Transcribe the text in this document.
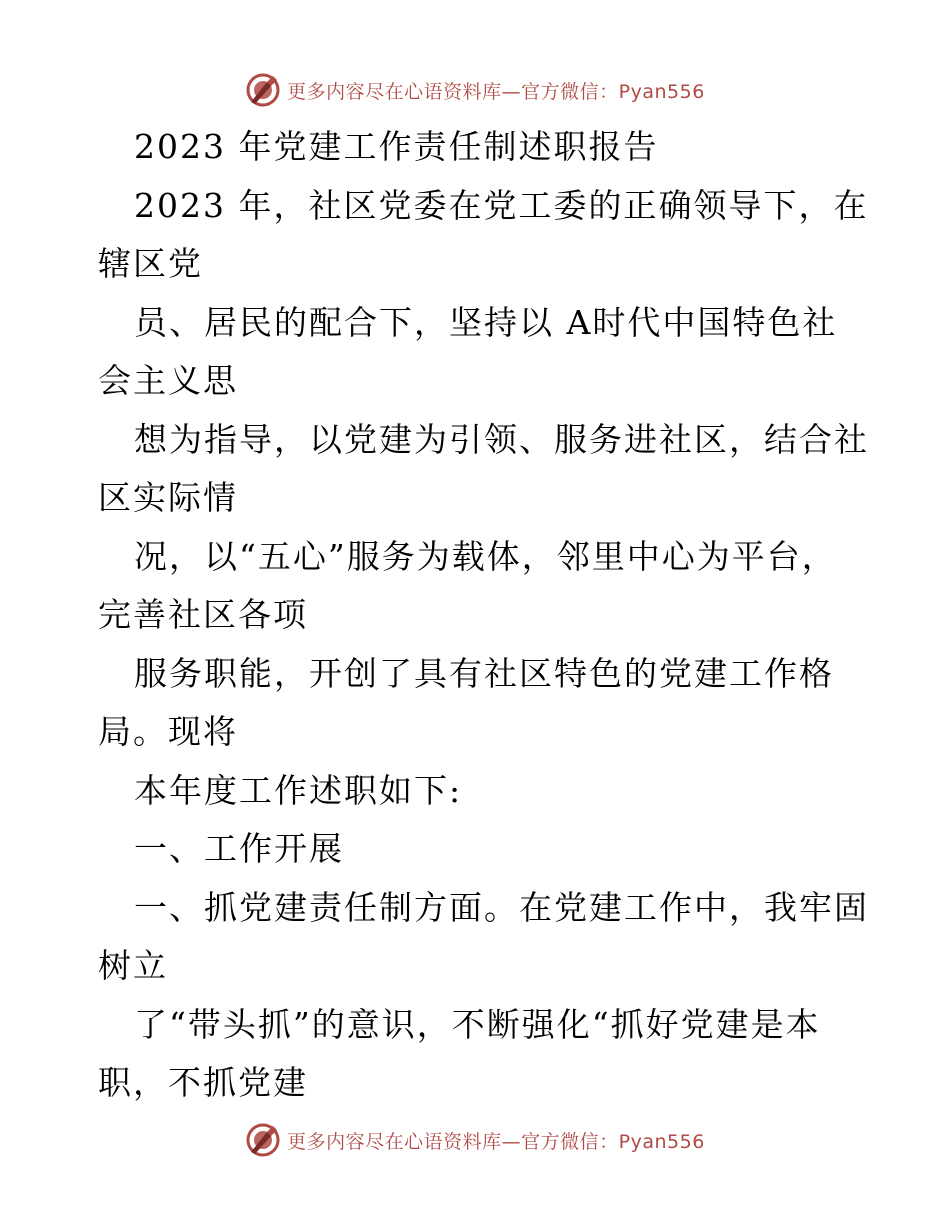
更多内容尽在心语资料库—官方微信：Pyan556
2023 年党建工作责任制述职报告
2023 年，社区党委在党工委的正确领导下，在
辖区党
员、居民的配合下，坚持以 A时代中国特色社
会主义思
想为指导，以党建为引领、服务进社区，结合社
区实际情
况，以“五心”服务为载体，邻里中心为平台，
完善社区各项
服务职能，开创了具有社区特色的党建工作格
局。现将
本年度工作述职如下:
一、工作开展
一、抓党建责任制方面。在党建工作中，我牢固
树立
了“带头抓”的意识，不断强化“抓好党建是本
职，不抓党建
更多内容尽在心语资料库—官方微信：Pyan556
